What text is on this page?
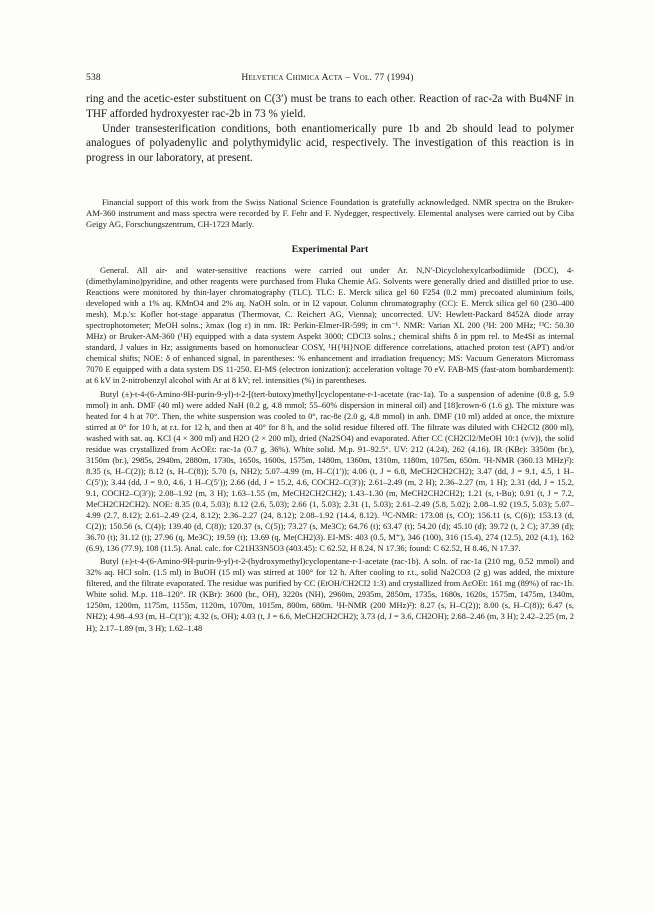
538	Helvetica Chimica Acta – Vol. 77 (1994)

ring and the acetic-ester substituent on C(3′) must be trans to each other. Reaction of rac-2a with Bu4NF in THF afforded hydroxyester rac-2b in 73 % yield.

Under transesterification conditions, both enantiomerically pure 1b and 2b should lead to polymer analogues of polyadenylic and polythymidylic acid, respectively. The investigation of this reaction is in progress in our laboratory, at present.

Financial support of this work from the Swiss National Science Foundation is gratefully acknowledged. NMR spectra on the Bruker-AM-360 instrument and mass spectra were recorded by F. Fehr and F. Nydegger, respectively. Elemental analyses were carried out by Ciba Geigy AG, Forschungszentrum, CH-1723 Marly.

Experimental Part

General. All air- and water-sensitive reactions were carried out under Ar. N,N′-Dicyclohexylcarbodiimide (DCC), 4-(dimethylamino)pyridine, and other reagents were purchased from Fluka Chemie AG. Solvents were generally dried and distilled prior to use. Reactions were monitored by thin-layer chromatography (TLC). TLC: E. Merck silica gel 60 F254 (0.2 mm) precoated aluminium foils, developed with a 1% aq. KMnO4 and 2% aq. NaOH soln. or in I2 vapour. Column chromatography (CC): E. Merck silica gel 60 (230–400 mesh). M.p.'s: Kofler hot-stage apparatus (Thermovar, C. Reichert AG, Vienna); uncorrected. UV: Hewlett-Packard 8452A diode array spectrophotometer; MeOH solns.; λmax (log ε) in nm. IR: Perkin-Elmer-IR-599; in cm⁻¹. NMR: Varian XL 200 (¹H: 200 MHz; ¹³C: 50.30 MHz) or Bruker-AM-360 (¹H) equipped with a data system Aspekt 3000; CDCl3 solns.; chemical shifts δ in ppm rel. to Me4Si as internal standard, J values in Hz; assignments based on homonuclear COSY, ¹H{¹H}NOE difference correlations, attached proton test (APT) and/or chemical shifts; NOE: δ of enhanced signal, in parentheses: % enhancement and irradiation frequency; MS: Vacuum Generators Micromass 7070 E equipped with a data system DS 11-250. EI-MS (electron ionization): acceleration voltage 70 eV. FAB-MS (fast-atom bombardement): at 6 kV in 2-nitrobenzyl alcohol with Ar at 8 kV; rel. intensities (%) in parentheses.

Butyl (±)-t-4-(6-Amino-9H-purin-9-yl)-t-2-[(tert-butoxy)methyl]cyclopentane-r-1-acetate (rac-1a). To a suspension of adenine (0.8 g, 5.9 mmol) in anh. DMF (40 ml) were added NaH (0.2 g, 4.8 mmol; 55–60% dispersion in mineral oil) and [18]crown-6 (1.6 g). The mixture was heated for 4 h at 70°. Then, the white suspension was cooled to 0°, rac-8e (2.0 g, 4.8 mmol) in anh. DMF (10 ml) added at once, the mixture stirred at 0° for 10 h, at r.t. for 12 h, and then at 40° for 8 h, and the solid residue filtered off. The filtrate was diluted with CH2Cl2 (800 ml), washed with sat. aq. KCl (4 × 300 ml) and H2O (2 × 200 ml), dried (Na2SO4) and evaporated. After CC (CH2Cl2/MeOH 10:1 (v/v)), the solid residue was crystallized from AcOEt: rac-1a (0.7 g, 36%). White solid. M.p. 91–92.5°. UV: 212 (4.24), 262 (4.16). IR (KBr): 3350m (br.), 3150m (br.), 2985s, 2940m, 2880m, 1730s, 1650s, 1600s, 1575m, 1480m, 1360m, 1310m, 1180m, 1075m, 650m. ¹H-NMR (360.13 MHz)²): 8.35 (s, H–C(2)); 8.12 (s, H–C(8)); 5.70 (s, NH2); 5.07–4.99 (m, H–C(1′)); 4.06 (t, J = 6.8, MeCH2CH2CH2); 3.47 (dd, J = 9.1, 4.5, 1 H–C(5′)); 3.44 (dd, J = 9.0, 4.6, 1 H–C(5′)); 2.66 (dd, J = 15.2, 4.6, COCH2–C(3′)); 2.61–2.49 (m, 2 H); 2.36–2.27 (m, 1 H); 2.31 (dd, J = 15.2, 9.1, COCH2–C(3′)); 2.08–1.92 (m, 3 H); 1.63–1.55 (m, MeCH2CH2CH2); 1.43–1.30 (m, MeCH2CH2CH2); 1.21 (s, t-Bu); 0.91 (t, J = 7.2, MeCH2CH2CH2). NOE: 8.35 (0.4, 5.03); 8.12 (2.6, 5.03); 2.66 (1, 5.03); 2.31 (1, 5.03); 2.61–2.49 (5.8, 5.02); 2.08–1.92 (19.5, 5.03); 5.07–4.99 (2.7, 8.12); 2.61–2.49 (2.4, 8.12); 2.36–2.27 (24, 8.12); 2.08–1.92 (14.4, 8.12). ¹³C-NMR: 173.08 (s, CO); 156.11 (s, C(6)); 153.13 (d, C(2)); 150.56 (s, C(4)); 139.40 (d, C(8)); 120.37 (s, C(5)); 73.27 (s, Me3C); 64.76 (t); 63.47 (t); 54.20 (d); 45.10 (d); 39.72 (t, 2 C); 37.39 (d); 36.70 (t); 31.12 (t); 27.96 (q, Me3C); 19.59 (t); 13.69 (q, Me(CH2)3). EI-MS: 403 (0.5, M⁺), 346 (100), 316 (15.4), 274 (12.5), 202 (4.1), 162 (6.9), 136 (77.9), 108 (11.5). Anal. calc. for C21H33N5O3 (403.45): C 62.52, H 8.24, N 17.36; found: C 62.52, H 8.46, N 17.37.

Butyl (±)-t-4-(6-Amino-9H-purin-9-yl)-t-2-(hydroxymethyl)cyclopentane-r-1-acetate (rac-1b). A soln. of rac-1a (210 mg, 0.52 mmol) and 32% aq. HCl soln. (1.5 ml) in BuOH (15 ml) was stirred at 100° for 12 h. After cooling to r.t., solid Na2CO3 (2 g) was added, the mixture filtered, and the filtrate evaporated. The residue was purified by CC (EtOH/CH2Cl2 1:3) and crystallized from AcOEt: 161 mg (89%) of rac-1b. White solid. M.p. 118–120°. IR (KBr): 3600 (br., OH), 3220s (NH), 2960m, 2935m, 2850m, 1735s, 1680s, 1620s, 1575m, 1475m, 1340m, 1250m, 1200m, 1175m, 1155m, 1120m, 1070m, 1015m, 800m, 680m. ¹H-NMR (200 MHz)²): 8.27 (s, H–C(2)); 8.00 (s, H–C(8)); 6.47 (s, NH2); 4.98–4.93 (m, H–C(1′)); 4.32 (s, OH); 4.03 (t, J = 6.6, MeCH2CH2CH2); 3.73 (d, J = 3.6, CH2OH); 2.68–2.46 (m, 3 H); 2.42–2.25 (m, 2 H); 2.17–1.89 (m, 3 H); 1.62–1.48
